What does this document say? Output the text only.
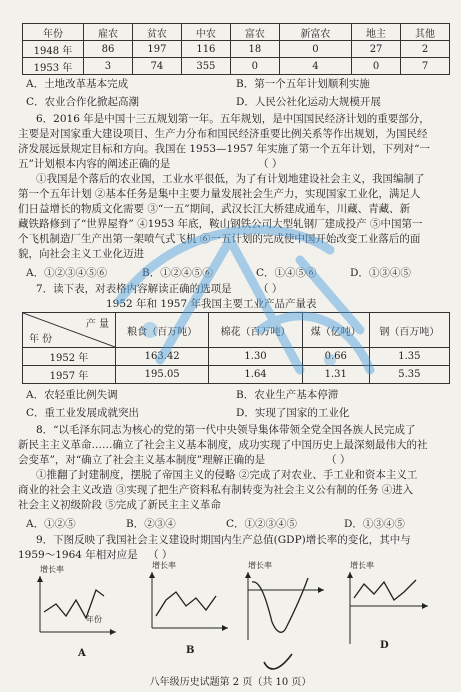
年份	雇农	贫农	中农	富农	新富农	地主	其他
1948 年	86	197	116	18	0	27	2
1953 年	3	74	355	0	4	0	7
A．土地改革基本完成	B．第一个五年计划顺利实施
C．农业合作化掀起高潮	D．人民公社化运动大规模开展
6．2016 年是中国十三五规划第一年。五年规划，是中国国民经济计划的重要部分，
主要是对国家重大建设项目、生产力分布和国民经济重要比例关系等作出规划，为国民经
济发展远景规定目标和方向。我国在 1953—1957 年实施了第一个五年计划，下列对“一
五”计划根本内容的阐述正确的是	（ ）
①我国是个落后的农业国，工业水平很低，为了有计划地建设社会主义，我国编制了
第一个五年计划 ②基本任务是集中主要力量发展社会生产力，实现国家工业化，满足人
们日益增长的物质文化需要 ③“一五”期间，武汉长江大桥建成通车，川藏、青藏、新
藏铁路修到了“世界屋脊” ④1953 年底，鞍山钢铁公司大型轧钢厂建成投产 ⑤中国第一
个飞机制造厂生产出第一架喷气式飞机 ⑥一五计划的完成使中国开始改变工业落后的面
貌，向社会主义工业化迈进
A．①②③④⑤⑥	B．①②④⑤⑥	C．①④⑤⑥	D．①③④⑤
7．读下表，对表格内容解读正确的选项是	（ ）
1952 年和 1957 年我国主要工业产品产量表
产 量
年 份	粮食（百万吨）	棉花（百万吨）	煤（亿吨）	钢（百万吨）
1952 年	163.42	1.30	0.66	1.35
1957 年	195.05	1.64	1.31	5.35
A．农轻重比例失调	B．农业生产基本停滞
C．重工业发展成就突出	D．实现了国家的工业化
8．“以毛泽东同志为核心的党的第一代中央领导集体带领全党全国各族人民完成了
新民主主义革命……确立了社会主义基本制度，成功实现了中国历史上最深刻最伟大的社
会变革”，对“确立了社会主义基本制度”理解正确的是	（ ）
①推翻了封建制度，摆脱了帝国主义的侵略 ②完成了对农业、手工业和资本主义工
商业的社会主义改造 ③实现了把生产资料私有制转变为社会主义公有制的任务 ④进入
社会主义初级阶段 ⑤完成了新民主主义革命
A．①②⑤	B．②③④	C．①②③④⑤	D．①③④⑤
9．下图反映了我国社会主义建设时期国内生产总值(GDP)增长率的变化，其中与
1959～1964 年相对应是 （ ）
增长率
年份
A
增长率
B
增长率	增长率
D
八年级历史试题第 2 页（共 10 页）
